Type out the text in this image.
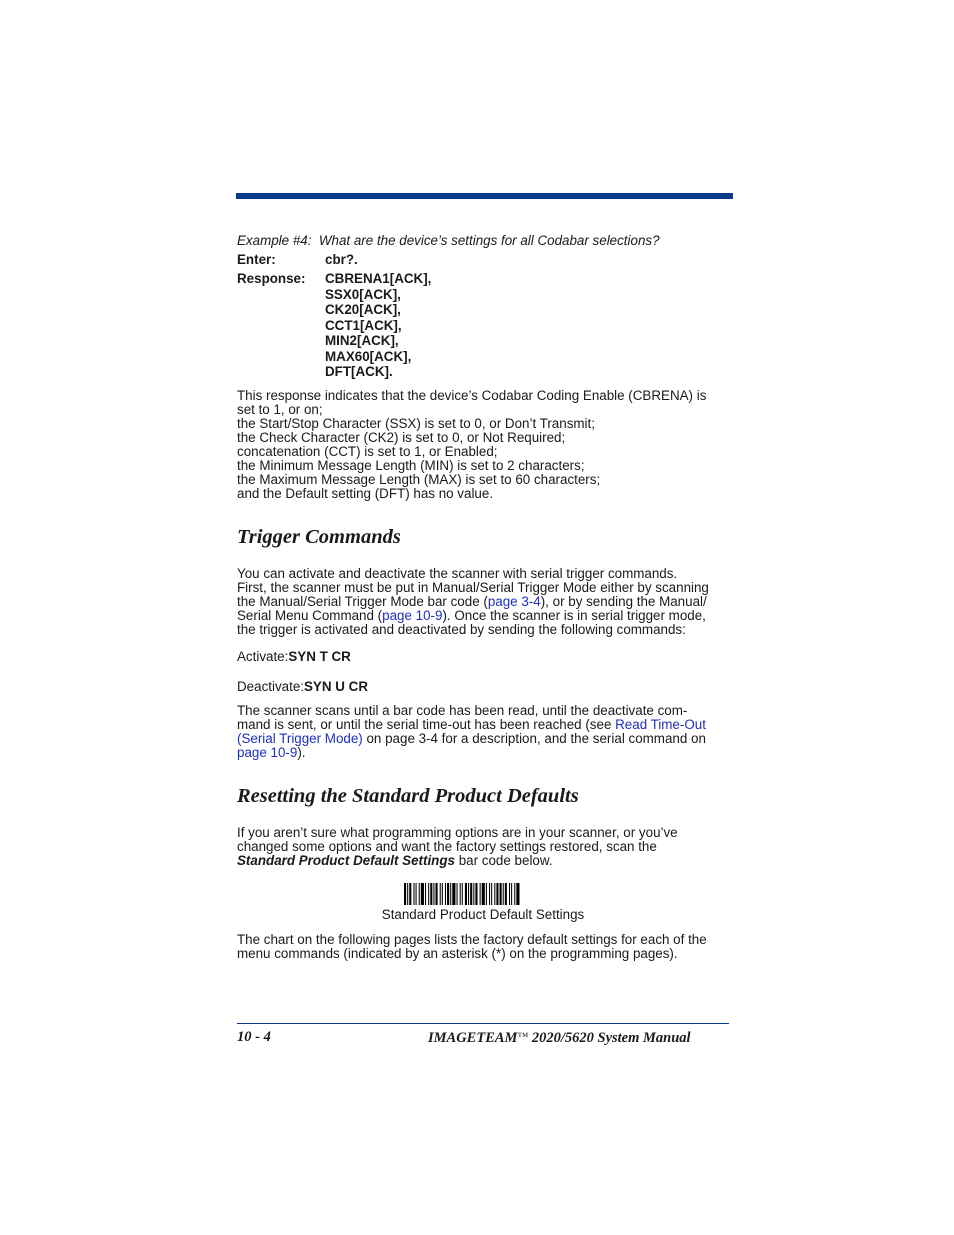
Example #4: What are the device’s settings for all Codabar selections?
Enter:	cbr?.
Response: CBRENA1[ACK],
SSX0[ACK],
CK20[ACK],
CCT1[ACK],
MIN2[ACK],
MAX60[ACK],
DFT[ACK].
This response indicates that the device’s Codabar Coding Enable (CBRENA) is
set to 1, or on;
the Start/Stop Character (SSX) is set to 0, or Don’t Transmit;
the Check Character (CK2) is set to 0, or Not Required;
concatenation (CCT) is set to 1, or Enabled;
the Minimum Message Length (MIN) is set to 2 characters;
the Maximum Message Length (MAX) is set to 60 characters;
and the Default setting (DFT) has no value.
Trigger Commands
You can activate and deactivate the scanner with serial trigger commands.
First, the scanner must be put in Manual/Serial Trigger Mode either by scanning
the Manual/Serial Trigger Mode bar code (page 3-4), or by sending the Manual/
Serial Menu Command (page 10-9). Once the scanner is in serial trigger mode,
the trigger is activated and deactivated by sending the following commands:
Activate:SYN T CR
Deactivate:SYN U CR
The scanner scans until a bar code has been read, until the deactivate com-
mand is sent, or until the serial time-out has been reached (see Read Time-Out
(Serial Trigger Mode) on page 3-4 for a description, and the serial command on
page 10-9).
Resetting the Standard Product Defaults
If you aren’t sure what programming options are in your scanner, or you’ve
changed some options and want the factory settings restored, scan the
Standard Product Default Settings bar code below.
Standard Product Default Settings
The chart on the following pages lists the factory default settings for each of the
menu commands (indicated by an asterisk (*) on the programming pages).
10 - 4	IMAGETEAM™ 2020/5620 System Manual
